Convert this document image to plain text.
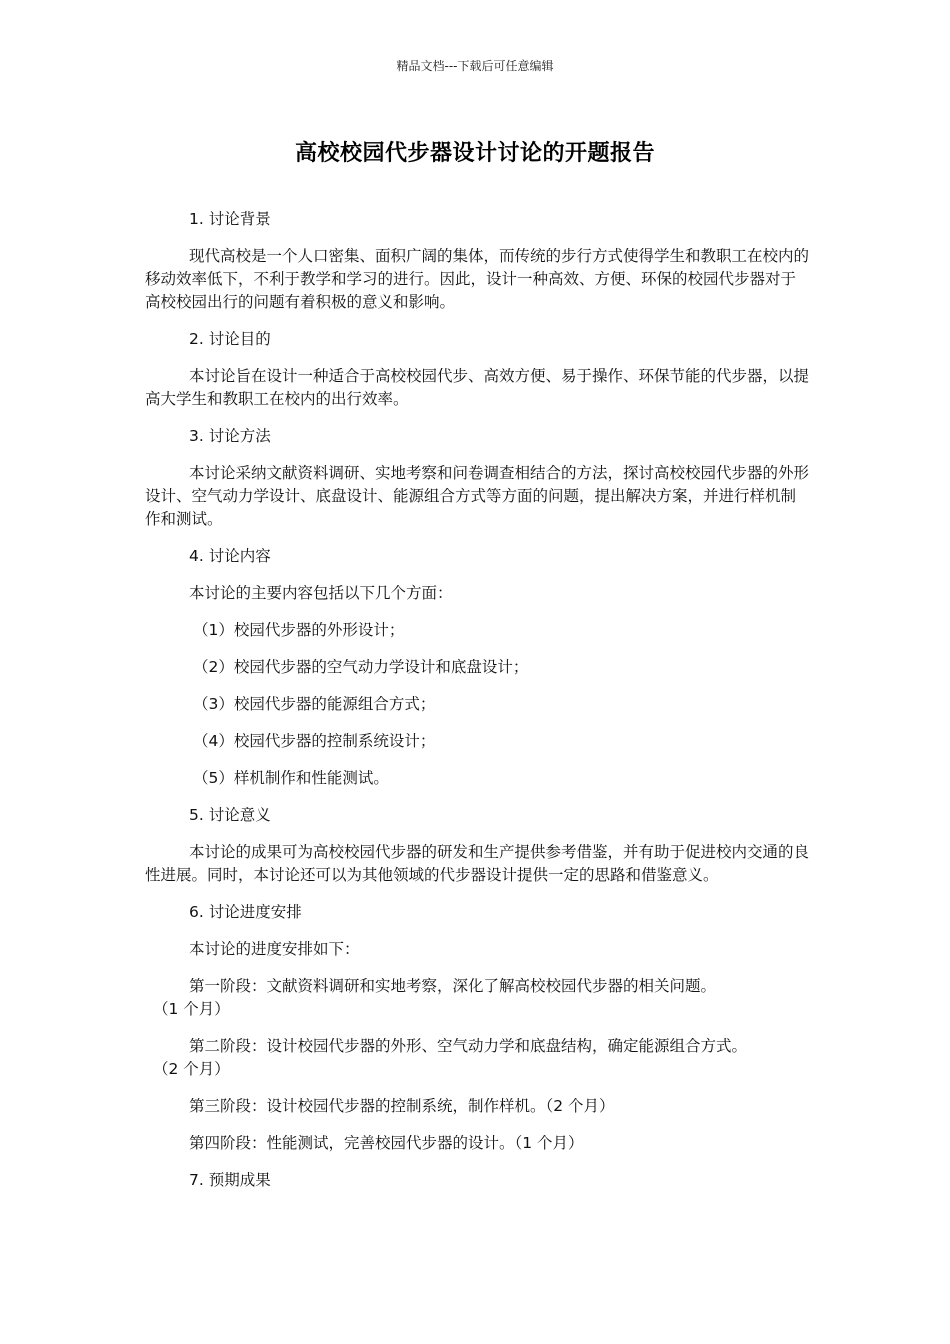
精品文档---下载后可任意编辑
高校校园代步器设计讨论的开题报告

1. 讨论背景

现代高校是一个人口密集、面积广阔的集体，而传统的步行方式使得学生和教职工在校内的移动效率低下，不利于教学和学习的进行。因此，设计一种高效、方便、环保的校园代步器对于高校校园出行的问题有着积极的意义和影响。

2. 讨论目的

本讨论旨在设计一种适合于高校校园代步、高效方便、易于操作、环保节能的代步器，以提高大学生和教职工在校内的出行效率。

3. 讨论方法

本讨论采纳文献资料调研、实地考察和问卷调查相结合的方法，探讨高校校园代步器的外形设计、空气动力学设计、底盘设计、能源组合方式等方面的问题，提出解决方案，并进行样机制作和测试。

4. 讨论内容

本讨论的主要内容包括以下几个方面：

（1）校园代步器的外形设计；

（2）校园代步器的空气动力学设计和底盘设计；

（3）校园代步器的能源组合方式；

（4）校园代步器的控制系统设计；

（5）样机制作和性能测试。

5. 讨论意义

本讨论的成果可为高校校园代步器的研发和生产提供参考借鉴，并有助于促进校内交通的良性进展。同时，本讨论还可以为其他领域的代步器设计提供一定的思路和借鉴意义。

6. 讨论进度安排

本讨论的进度安排如下：

第一阶段：文献资料调研和实地考察，深化了解高校校园代步器的相关问题。
（1 个月）
第二阶段：设计校园代步器的外形、空气动力学和底盘结构，确定能源组合方式。
（2 个月）

第三阶段：设计校园代步器的控制系统，制作样机。（2 个月）

第四阶段：性能测试，完善校园代步器的设计。（1 个月）

7. 预期成果
